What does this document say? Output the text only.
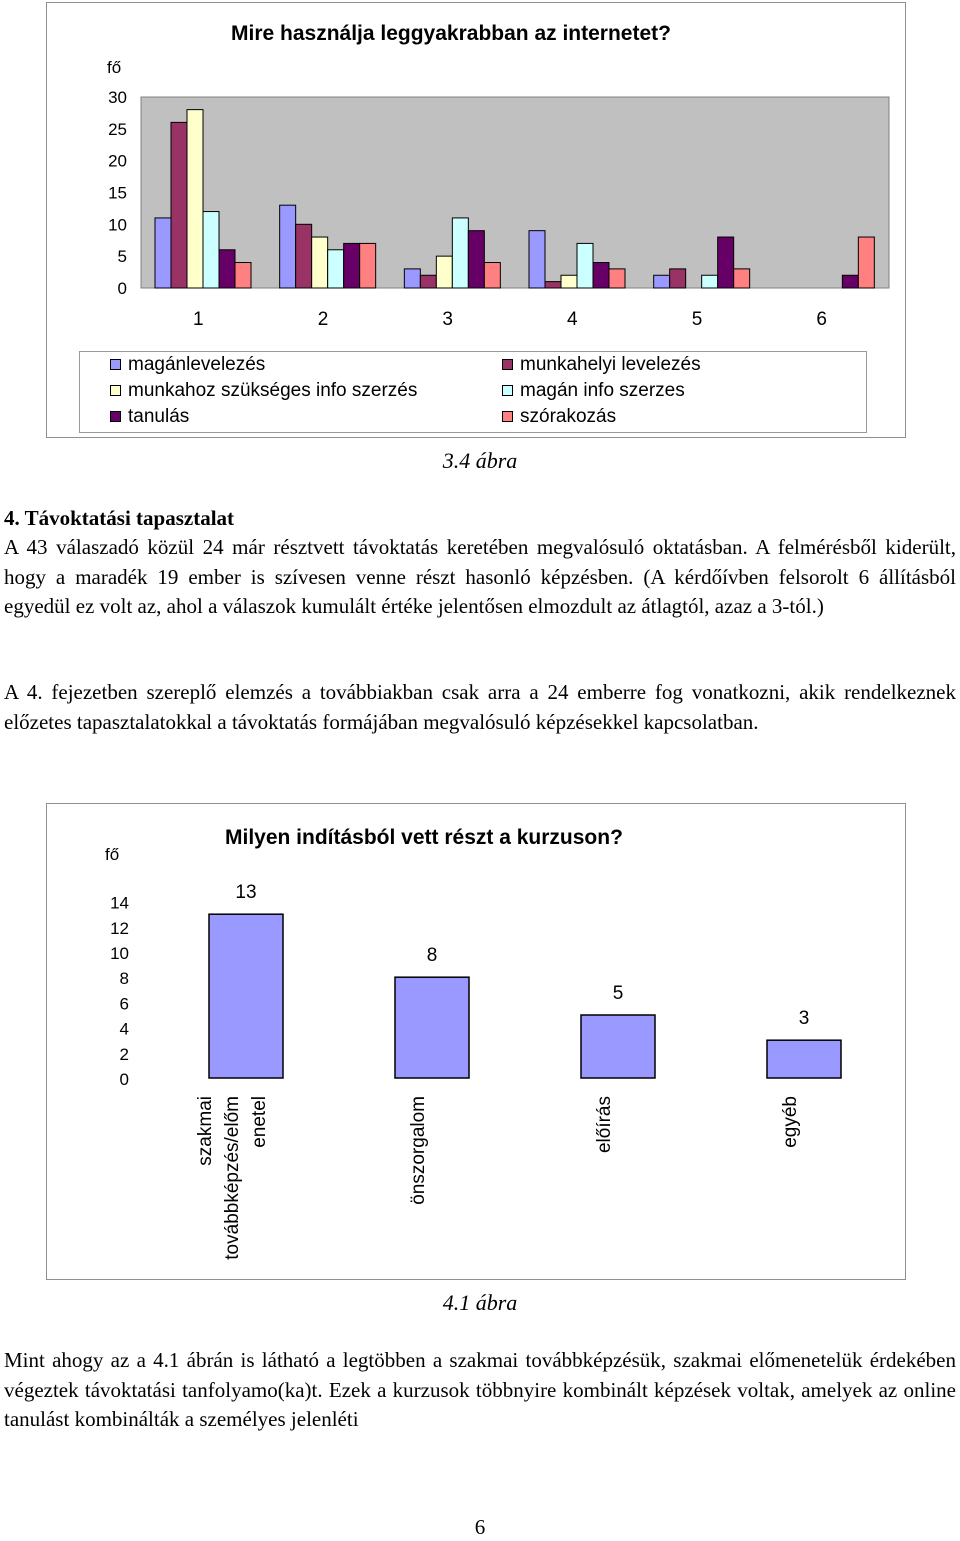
Mire használja leggyakrabban az internetet?
fő
0
5
10
15
20
25
30
1	2	3	4	5	6
magánlevelezés	munkahelyi levelezés
munkahoz szükséges info szerzés	magán info szerzes
tanulás	szórakozás
3.4 ábra

4. Távoktatási tapasztalat

A 43 válaszadó közül 24 már résztvett távoktatás keretében megvalósuló oktatásban. A felmérésből kiderült, hogy a maradék 19 ember is szívesen venne részt hasonló képzésben. (A kérdőívben felsorolt 6 állításból egyedül ez volt az, ahol a válaszok kumulált értéke jelentősen elmozdult az átlagtól, azaz a 3-tól.)

A 4. fejezetben szereplő elemzés a továbbiakban csak arra a 24 emberre fog vonatkozni, akik rendelkeznek előzetes tapasztalatokkal a távoktatás formájában megvalósuló képzésekkel kapcsolatban.

Milyen indításból vett részt a kurzuson?
fő
13
8
5
3
0
2
4
6
8
10
12
14
szakmai továbbképzés/előm enetel	önszorgalom	előírás	egyéb
4.1 ábra

Mint ahogy az a 4.1 ábrán is látható a legtöbben a szakmai továbbképzésük, szakmai előmenetelük érdekében végeztek távoktatási tanfolyamo(ka)t. Ezek a kurzusok többnyire kombinált képzések voltak, amelyek az online tanulást kombinálták a személyes jelenléti

6
